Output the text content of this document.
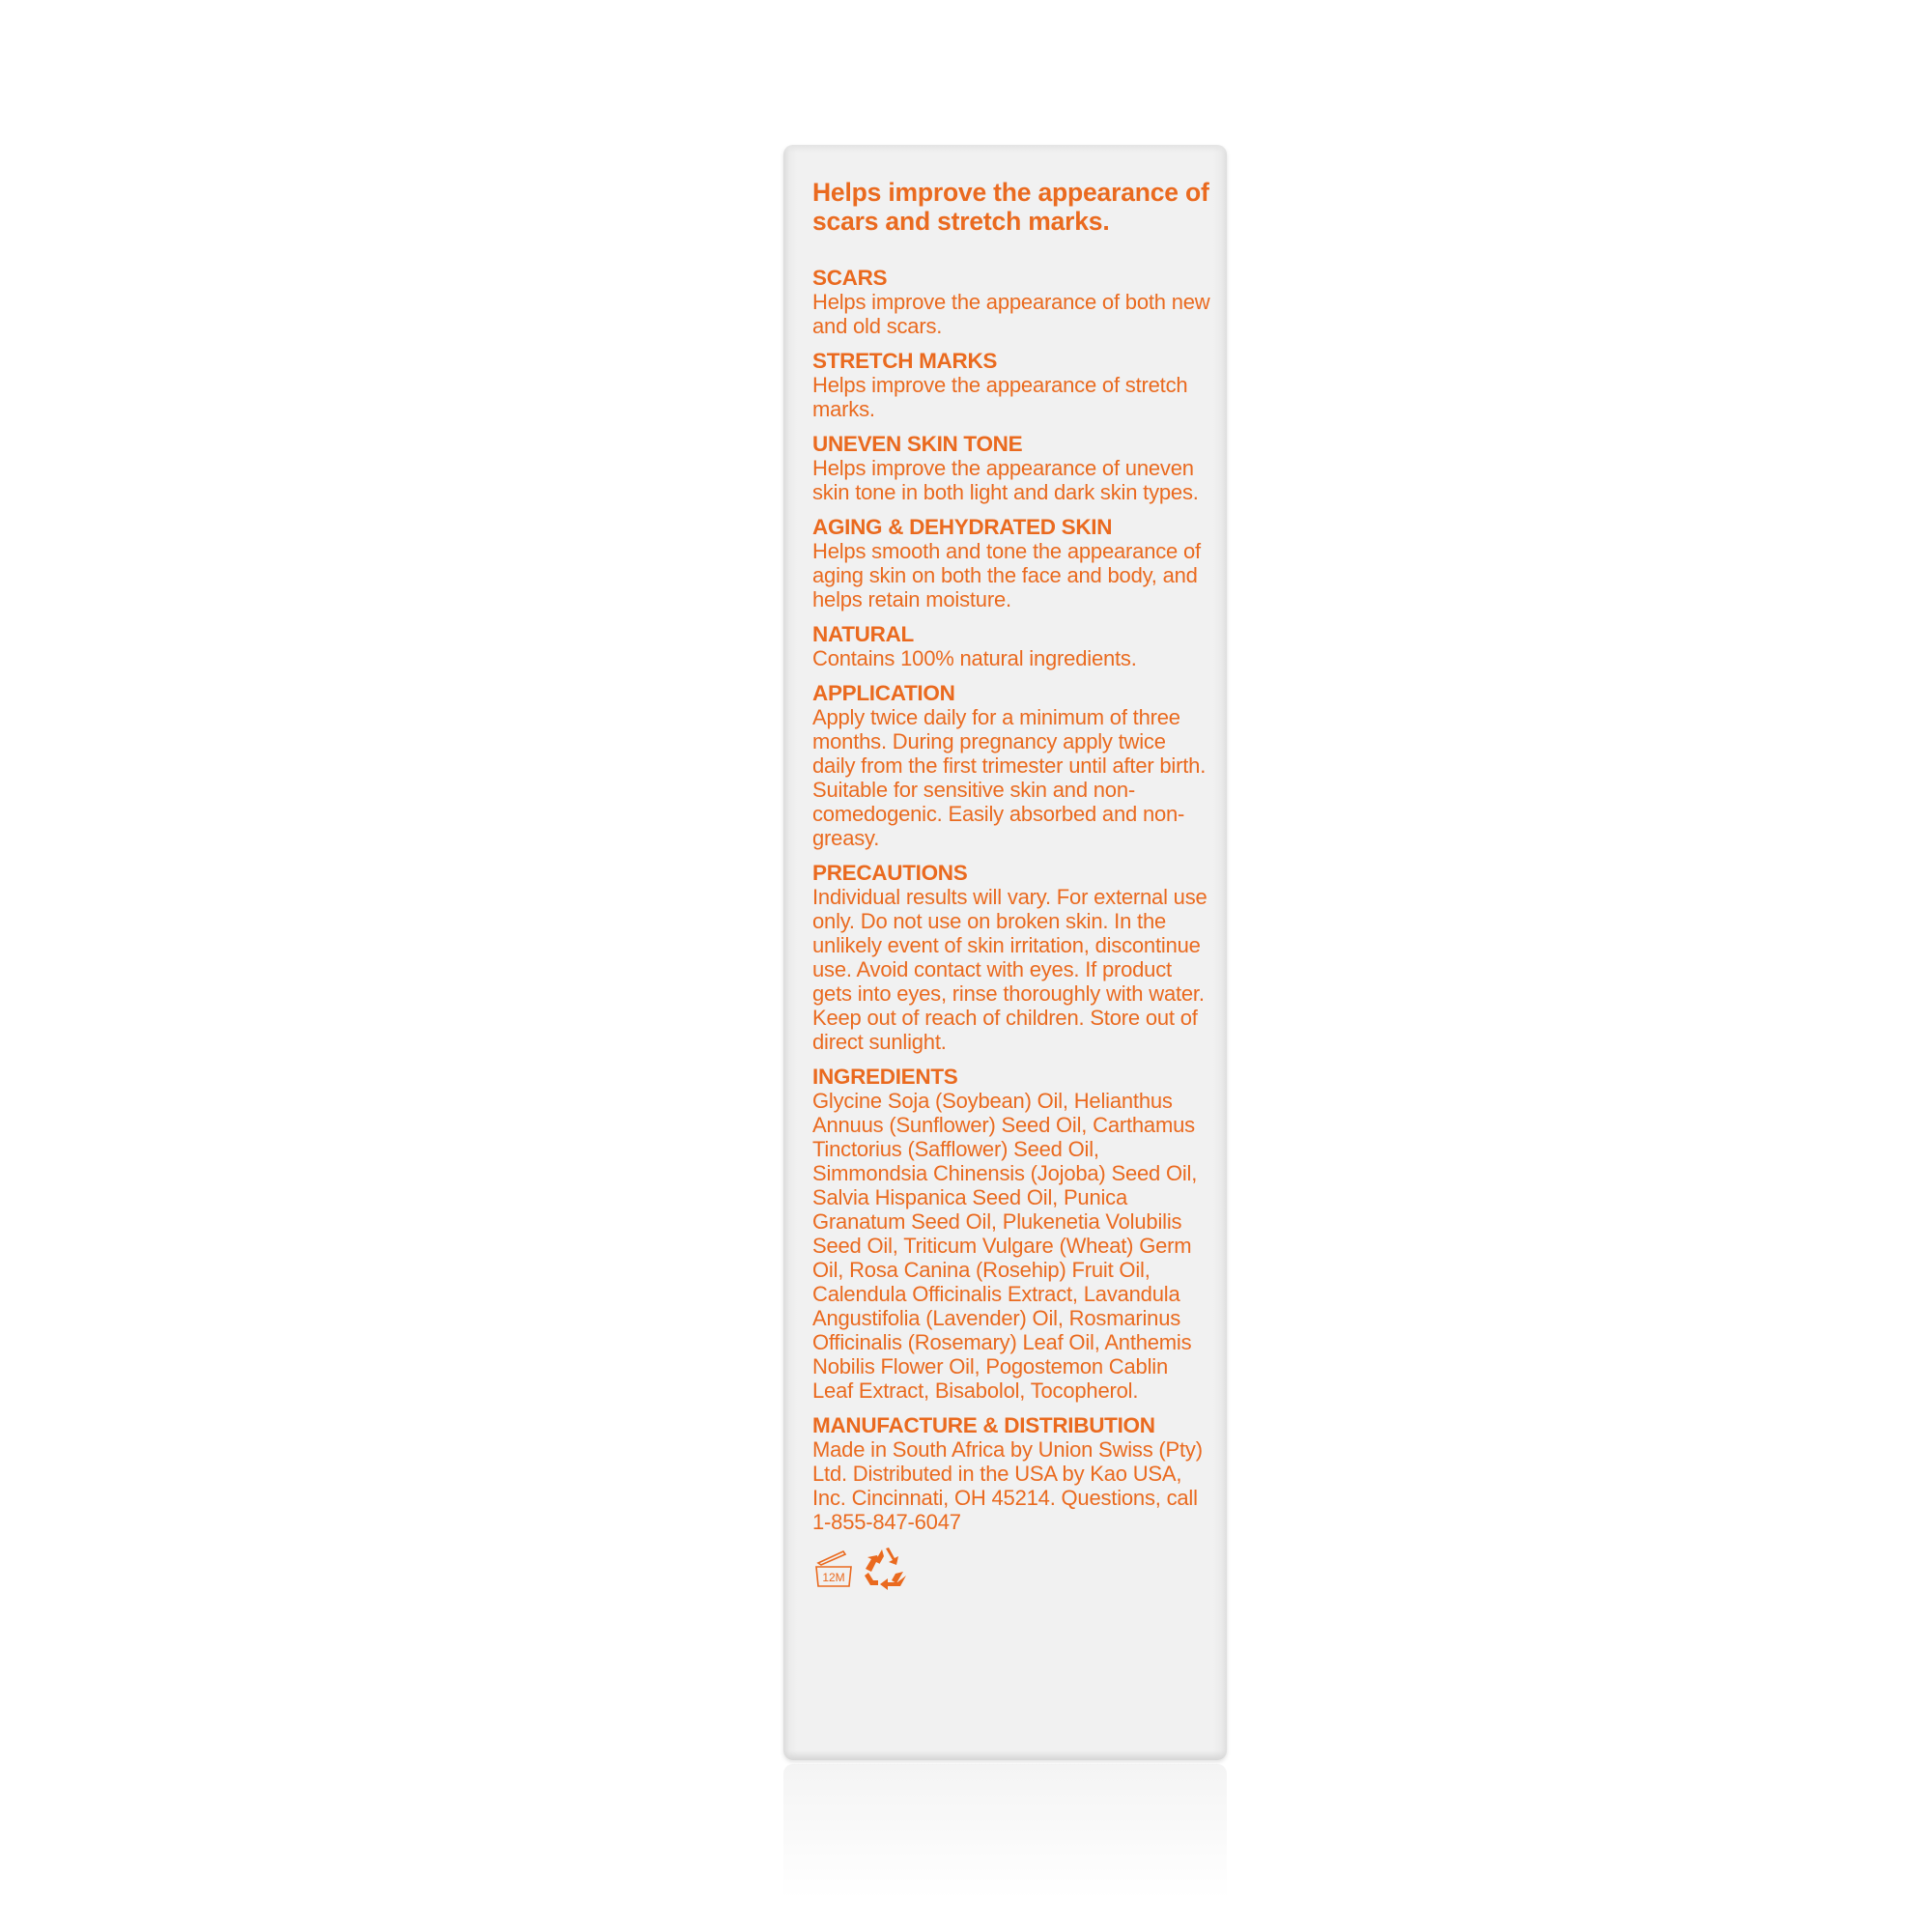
Helps improve the appearance of scars and stretch marks.
SCARS
Helps improve the appearance of both new and old scars.
STRETCH MARKS
Helps improve the appearance of stretch marks.
UNEVEN SKIN TONE
Helps improve the appearance of uneven skin tone in both light and dark skin types.
AGING & DEHYDRATED SKIN
Helps smooth and tone the appearance of aging skin on both the face and body, and helps retain moisture.
NATURAL
Contains 100% natural ingredients.
APPLICATION
Apply twice daily for a minimum of three months. During pregnancy apply twice daily from the first trimester until after birth. Suitable for sensitive skin and non-comedogenic. Easily absorbed and non-greasy.
PRECAUTIONS
Individual results will vary. For external use only. Do not use on broken skin. In the unlikely event of skin irritation, discontinue use. Avoid contact with eyes. If product gets into eyes, rinse thoroughly with water. Keep out of reach of children. Store out of direct sunlight.
INGREDIENTS
Glycine Soja (Soybean) Oil, Helianthus Annuus (Sunflower) Seed Oil, Carthamus Tinctorius (Safflower) Seed Oil, Simmondsia Chinensis (Jojoba) Seed Oil, Salvia Hispanica Seed Oil, Punica Granatum Seed Oil, Plukenetia Volubilis Seed Oil, Triticum Vulgare (Wheat) Germ Oil, Rosa Canina (Rosehip) Fruit Oil, Calendula Officinalis Extract, Lavandula Angustifolia (Lavender) Oil, Rosmarinus Officinalis (Rosemary) Leaf Oil, Anthemis Nobilis Flower Oil, Pogostemon Cablin Leaf Extract, Bisabolol, Tocopherol.
MANUFACTURE & DISTRIBUTION
Made in South Africa by Union Swiss (Pty) Ltd. Distributed in the USA by Kao USA, Inc. Cincinnati, OH 45214. Questions, call 1-855-847-6047
12M
